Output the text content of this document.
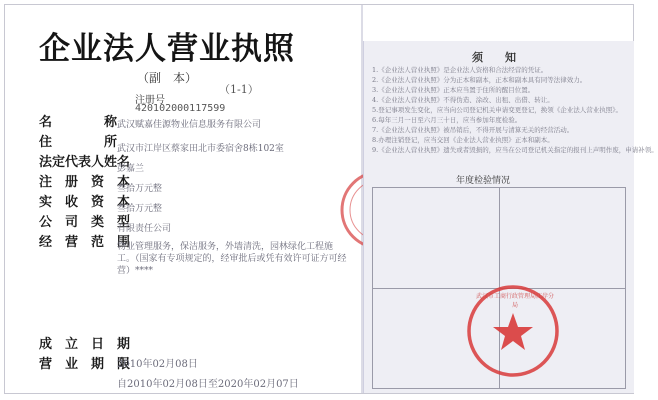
企业法人营业执照
（副　本）
（1-1）
注册号
420102000117599
名　　　　称 武汉赋嘉佳源物业信息服务有限公司
住　　　　所 武汉市江岸区蔡家田北市委宿舍8栋102室
法定代表人姓名
彭嘉兰
注　册　资　本
叁拾万元整
实　收　资　本
叁拾万元整
公　司　类　型
有限责任公司
经　营　范　围
物业管理服务，保洁服务，外墙清洗，园林绿化工程施工。（国家有专项规定的，经审批后或凭有效许可证方可经营）****
成　立　日　期
营　业　期　限
2010年02月08日
自2010年02月08日至2020年02月07日
须　　知
1.《企业法人营业执照》是企业法人资格和合法经营的凭证。
2.《企业法人营业执照》分为正本和副本，正本和副本具有同等法律效力。
3.《企业法人营业执照》正本应当置于住所的醒目位置。
4.《企业法人营业执照》不得伪造、涂改、出租、出借、转让。
5.登记事项发生变化，应当向公司登记机关申请变更登记，换领《企业法人营业执照》。
6.每年三月一日至六月三十日，应当参加年度检验。
7.《企业法人营业执照》被吊销后，不得开展与清算无关的经营活动。
8.办理注销登记，应当交回《企业法人营业执照》正本和副本。
9.《企业法人营业执照》遗失或者毁损的，应当在公司登记机关指定的报刊上声明作废，申请补领。
年度检验情况
武汉市工商行政管理局江岸分局
